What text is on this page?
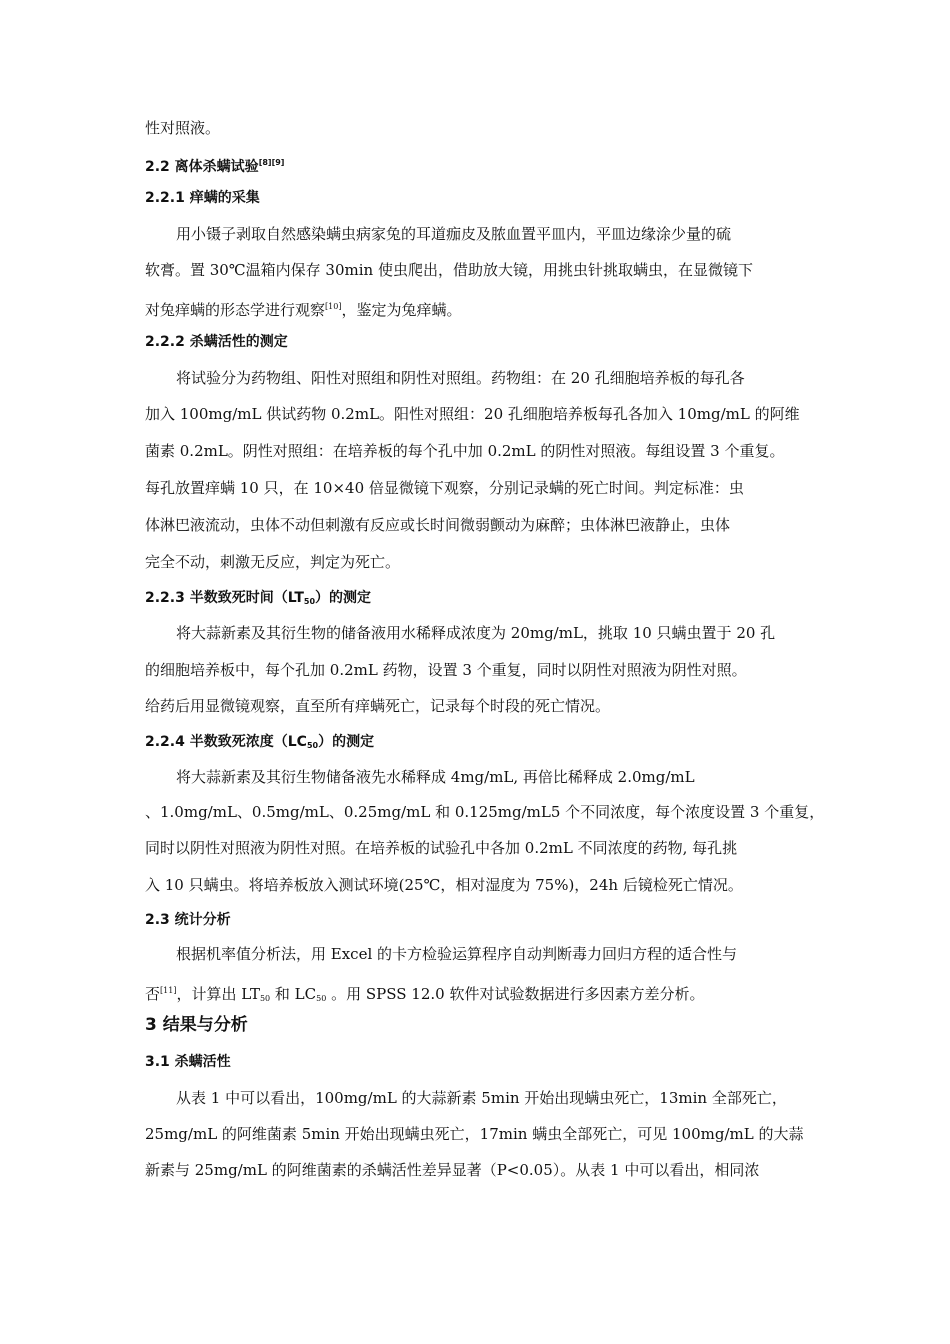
性对照液。
2.2 离体杀螨试验[8][9]
2.2.1 痒螨的采集
用小镊子剥取自然感染螨虫病家兔的耳道痂皮及脓血置平皿内，平皿边缘涂少量的硫
软膏。置 30℃温箱内保存 30min 使虫爬出，借助放大镜，用挑虫针挑取螨虫，在显微镜下
对兔痒螨的形态学进行观察[10]，鉴定为兔痒螨。
2.2.2 杀螨活性的测定
将试验分为药物组、阳性对照组和阴性对照组。药物组：在 20 孔细胞培养板的每孔各
加入 100mg/mL 供试药物 0.2mL。阳性对照组：20 孔细胞培养板每孔各加入 10mg/mL 的阿维
菌素 0.2mL。阴性对照组：在培养板的每个孔中加 0.2mL 的阴性对照液。每组设置 3 个重复。
每孔放置痒螨 10 只，在 10×40 倍显微镜下观察，分别记录螨的死亡时间。判定标准：虫
体淋巴液流动，虫体不动但刺激有反应或长时间微弱颤动为麻醉；虫体淋巴液静止，虫体
完全不动，刺激无反应，判定为死亡。
2.2.3 半数致死时间$(LT_{50})$的测定
将大蒜新素及其衍生物的储备液用水稀释成浓度为 20mg/mL，挑取 10 只螨虫置于 20 孔
的细胞培养板中，每个孔加 0.2mL 药物，设置 3 个重复，同时以阴性对照液为阴性对照。
给药后用显微镜观察，直至所有痒螨死亡，记录每个时段的死亡情况。
2.2.4 半数致死浓度$(LC_{50})$的测定
将大蒜新素及其衍生物储备液先水稀释成 4mg/mL, 再倍比稀释成 2.0mg/mL
、1.0mg/mL、0.5mg/mL、0.25mg/mL 和 0.125mg/mL5 个不同浓度，每个浓度设置 3 个重复，
同时以阴性对照液为阴性对照。在培养板的试验孔中各加 0.2mL 不同浓度的药物, 每孔挑
入 10 只螨虫。将培养板放入测试环境(25℃，相对湿度为 75%)，24h 后镜检死亡情况。
2.3 统计分析
根据机率值分析法，用 Excel 的卡方检验运算程序自动判断毒力回归方程的适合性与
否[11]，计算出 $LT_{50}$ 和 $LC_{50}$ 。用 SPSS 12.0 软件对试验数据进行多因素方差分析。
3 结果与分析
3.1 杀螨活性
从表 1 中可以看出，100mg/mL 的大蒜新素 5min 开始出现螨虫死亡，13min 全部死亡，
25mg/mL 的阿维菌素 5min 开始出现螨虫死亡，17min 螨虫全部死亡，可见 100mg/mL 的大蒜
新素与 25mg/mL 的阿维菌素的杀螨活性差异显著（P<0.05）。从表 1 中可以看出，相同浓
